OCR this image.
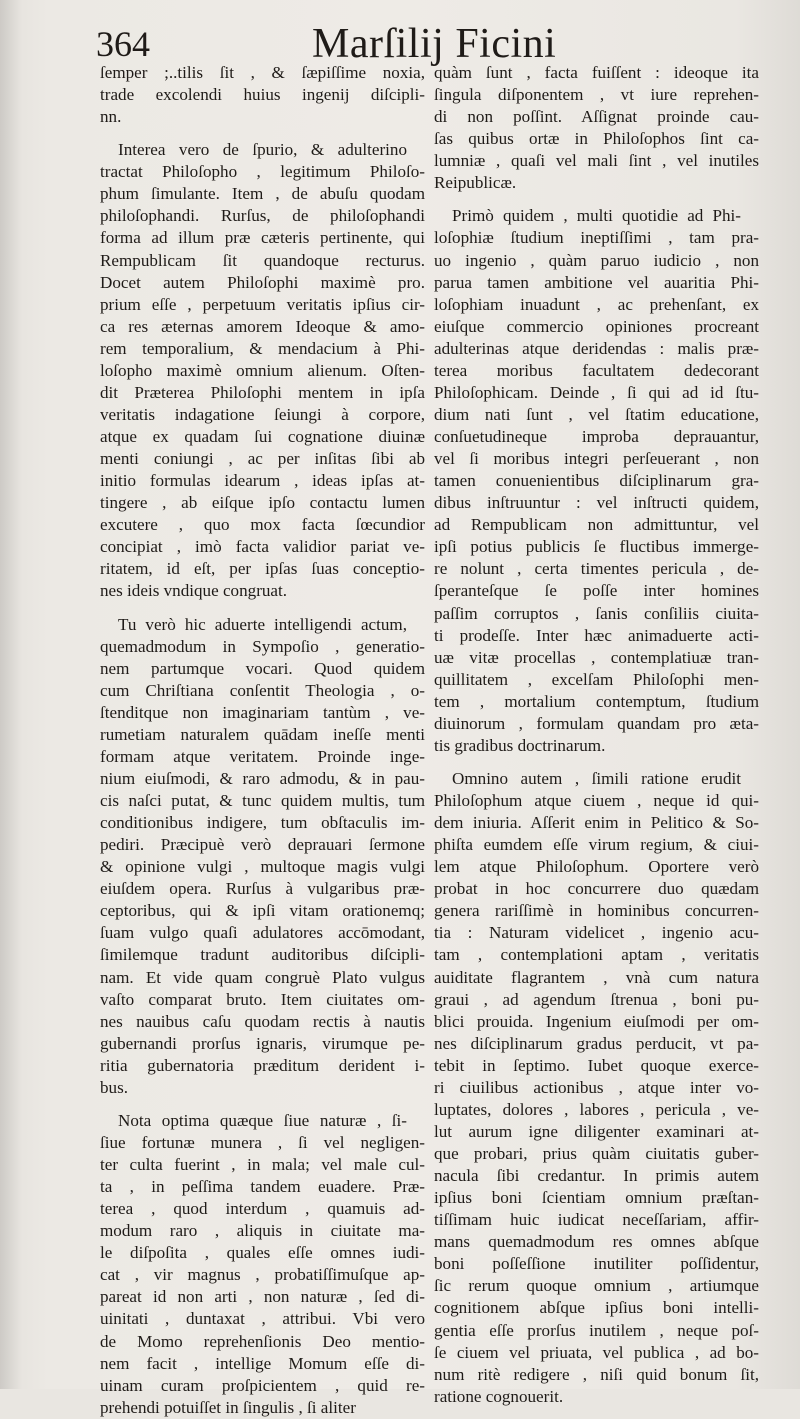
364	Marſilij Ficini

ſemper ;..tilis ſit , & ſæpiſſime noxia,
trade excolendi huius ingenij diſcipli-
nn.

Interea vero de ſpurio, & adulterino
tractat Philoſopho , legitimum Philoſo-
phum ſimulante. Item , de abuſu quodam
philoſophandi. Rurſus, de philoſophandi
forma ad illum præ cæteris pertinente, qui
Rempublicam ſit quandoque recturus.
Docet autem Philoſophi maximè pro.
prium eſſe , perpetuum veritatis ipſius cir-
ca res æternas amorem Ideoque & amo-
rem temporalium, & mendacium à Phi-
loſopho maximè omnium alienum. Oſten-
dit Præterea Philoſophi mentem in ipſa
veritatis indagatione ſeiungi à corpore,
atque ex quadam ſui cognatione diuinæ
menti coniungi , ac per inſitas ſibi ab
initio formulas idearum , ideas ipſas at-
tingere , ab eiſque ipſo contactu lumen
excutere , quo mox facta ſœcundior
concipiat , imò facta validior pariat ve-
ritatem, id eſt, per ipſas ſuas conceptio-
nes ideis vndique congruat.

Tu verò hic aduerte intelligendi actum,
quemadmodum in Sympoſio , generatio-
nem partumque vocari. Quod quidem
cum Chriſtiana conſentit Theologia , o-
ſtenditque non imaginariam tantùm , ve-
rumetiam naturalem quādam ineſſe menti
formam atque veritatem. Proinde inge-
nium eiuſmodi, & raro admodu, & in pau-
cis naſci putat, & tunc quidem multis, tum
conditionibus indigere, tum obſtaculis im-
pediri. Præcipuè verò deprauari ſermone
& opinione vulgi , multoque magis vulgi
eiuſdem opera. Rurſus à vulgaribus præ-
ceptoribus, qui & ipſi vitam orationemq;
ſuam vulgo quaſi adulatores accōmodant,
ſimilemque tradunt auditoribus diſcipli-
nam. Et vide quam congruè Plato vulgus
vaſto comparat bruto. Item ciuitates om-
nes nauibus caſu quodam rectis à nautis
gubernandi prorſus ignaris, virumque pe-
ritia gubernatoria præditum derident i-
bus.

Nota optima quæque ſiue naturæ , ſi-
ſiue fortunæ munera , ſi vel negligen-
ter culta fuerint , in mala; vel male cul-
ta , in peſſima tandem euadere. Præ-
terea , quod interdum , quamuis ad-
modum raro , aliquis in ciuitate ma-
le diſpoſita , quales eſſe omnes iudi-
cat , vir magnus , probatiſſimuſque ap-
pareat id non arti , non naturæ , ſed di-
uinitati , duntaxat , attribui. Vbi vero
de Momo reprehenſionis Deo mentio-
nem facit , intellige Momum eſſe di-
uinam curam proſpicientem , quid re-
prehendi potuiſſet in ſingulis , ſi aliter

quàm ſunt , facta fuiſſent : ideoque ita
ſingula diſponentem , vt iure reprehen-
di non poſſint. Aſſignat proinde cau-
ſas quibus ortæ in Philoſophos ſint ca-
lumniæ , quaſi vel mali ſint , vel inutiles
Reipublicæ.

Primò quidem , multi quotidie ad Phi-
loſophiæ ſtudium ineptiſſimi , tam pra-
uo ingenio , quàm paruo iudicio , non
parua tamen ambitione vel auaritia Phi-
loſophiam inuadunt , ac prehenſant, ex
eiuſque commercio opiniones procreant
adulterinas atque deridendas : malis præ-
terea moribus facultatem dedecorant
Philoſophicam. Deinde , ſi qui ad id ſtu-
dium nati ſunt , vel ſtatim educatione,
conſuetudineque improba deprauantur,
vel ſi moribus integri perſeuerant , non
tamen conuenientibus diſciplinarum gra-
dibus inſtruuntur : vel inſtructi quidem,
ad Rempublicam non admittuntur, vel
ipſi potius publicis ſe fluctibus immerge-
re nolunt , certa timentes pericula , de-
ſperanteſque ſe poſſe inter homines
paſſim corruptos , ſanis conſiliis ciuita-
ti prodeſſe. Inter hæc animaduerte acti-
uæ vitæ procellas , contemplatiuæ tran-
quillitatem , excelſam Philoſophi men-
tem , mortalium contemptum, ſtudium
diuinorum , formulam quandam pro æta-
tis gradibus doctrinarum.

Omnino autem , ſimili ratione erudit
Philoſophum atque ciuem , neque id qui-
dem iniuria. Aſſerit enim in Pelitico & So-
phiſta eumdem eſſe virum regium, & ciui-
lem atque Philoſophum. Oportere verò
probat in hoc concurrere duo quædam
genera rariſſimè in hominibus concurren-
tia : Naturam videlicet , ingenio acu-
tam , contemplationi aptam , veritatis
auiditate flagrantem , vnà cum natura
graui , ad agendum ſtrenua , boni pu-
blici prouida. Ingenium eiuſmodi per om-
nes diſciplinarum gradus perducit, vt pa-
tebit in ſeptimo. Iubet quoque exerce-
ri ciuilibus actionibus , atque inter vo-
luptates, dolores , labores , pericula , ve-
lut aurum igne diligenter examinari at-
que probari, prius quàm ciuitatis guber-
nacula ſibi credantur. In primis autem
ipſius boni ſcientiam omnium præſtan-
tiſſimam huic iudicat neceſſariam, affir-
mans quemadmodum res omnes abſque
boni poſſeſſione inutiliter poſſidentur,
ſic rerum quoque omnium , artiumque
cognitionem abſque ipſius boni intelli-
gentia eſſe prorſus inutilem , neque poſ-
ſe ciuem vel priuata, vel publica , ad bo-
num ritè redigere , niſi quid bonum ſit,
ratione cognouerit.
